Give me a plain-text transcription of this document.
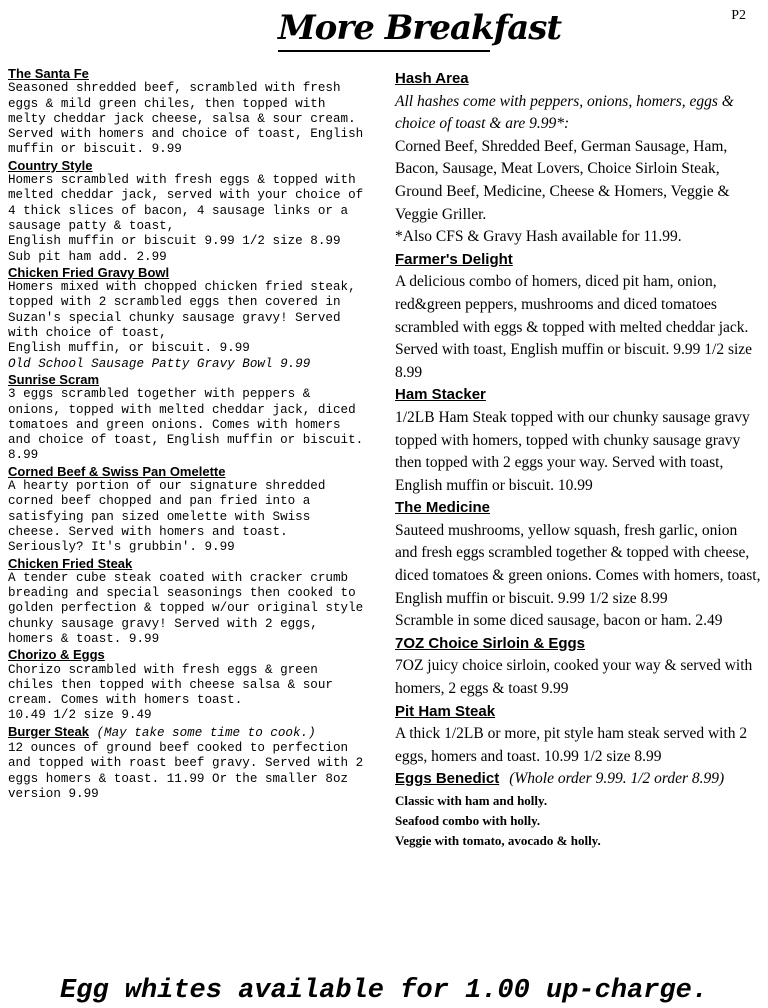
More Breakfast	P2

The Santa Fe

Seasoned shredded beef, scrambled with fresh eggs & mild green chiles, then topped with melty cheddar jack cheese, salsa & sour cream. Served with homers and choice of toast, English muffin or biscuit. 9.99

Country Style

Homers scrambled with fresh eggs & topped with melted cheddar jack, served with your choice of 4 thick slices of bacon, 4 sausage links or a sausage patty & toast,

English muffin or biscuit 9.99 1/2 size 8.99

Sub pit ham add. 2.99

Chicken Fried Gravy Bowl

Homers mixed with chopped chicken fried steak, topped with 2 scrambled eggs then covered in Suzan's special chunky sausage gravy! Served with choice of toast,

English muffin, or biscuit. 9.99

Old School Sausage Patty Gravy Bowl 9.99

Sunrise Scram

3 eggs scrambled together with peppers & onions, topped with melted cheddar jack, diced tomatoes and green onions. Comes with homers and choice of toast, English muffin or biscuit. 8.99

Corned Beef & Swiss Pan Omelette

A hearty portion of our signature shredded corned beef chopped and pan fried into a satisfying pan sized omelette with Swiss cheese. Served with homers and toast. Seriously? It's grubbin'. 9.99

Chicken Fried Steak

A tender cube steak coated with cracker crumb breading and special seasonings then cooked to golden perfection & topped w/our original style chunky sausage gravy! Served with 2 eggs, homers & toast. 9.99

Chorizo & Eggs

Chorizo scrambled with fresh eggs & green chiles then topped with cheese salsa & sour cream. Comes with homers toast.

10.49 1/2 size 9.49

Burger Steak (May take some time to cook.)

12 ounces of ground beef cooked to perfection and topped with roast beef gravy. Served with 2 eggs homers & toast. 11.99 Or the smaller 8oz version 9.99

Hash Area

All hashes come with peppers, onions, homers, eggs & choice of toast & are 9.99*:

Corned Beef, Shredded Beef, German Sausage, Ham, Bacon, Sausage, Meat Lovers, Choice Sirloin Steak, Ground Beef, Medicine, Cheese & Homers, Veggie & Veggie Griller.

*Also CFS & Gravy Hash available for 11.99.

Farmer's Delight

A delicious combo of homers, diced pit ham, onion, red&green peppers, mushrooms and diced tomatoes scrambled with eggs & topped with melted cheddar jack. Served with toast, English muffin or biscuit. 9.99 1/2 size 8.99

Ham Stacker

1/2LB Ham Steak topped with our chunky sausage gravy topped with homers, topped with chunky sausage gravy then topped with 2 eggs your way. Served with toast, English muffin or biscuit. 10.99

The Medicine

Sauteed mushrooms, yellow squash, fresh garlic, onion and fresh eggs scrambled together & topped with cheese, diced tomatoes & green onions. Comes with homers, toast, English muffin or biscuit. 9.99 1/2 size 8.99

Scramble in some diced sausage, bacon or ham. 2.49

7OZ Choice Sirloin & Eggs

7OZ juicy choice sirloin, cooked your way & served with homers, 2 eggs & toast 9.99

Pit Ham Steak

A thick 1/2LB or more, pit style ham steak served with 2 eggs, homers and toast. 10.99 1/2 size 8.99

Eggs Benedict (Whole order 9.99. 1/2 order 8.99)

Classic with ham and holly.

Seafood combo with holly.

Veggie with tomato, avocado & holly.

Egg whites available for 1.00 up-charge.
